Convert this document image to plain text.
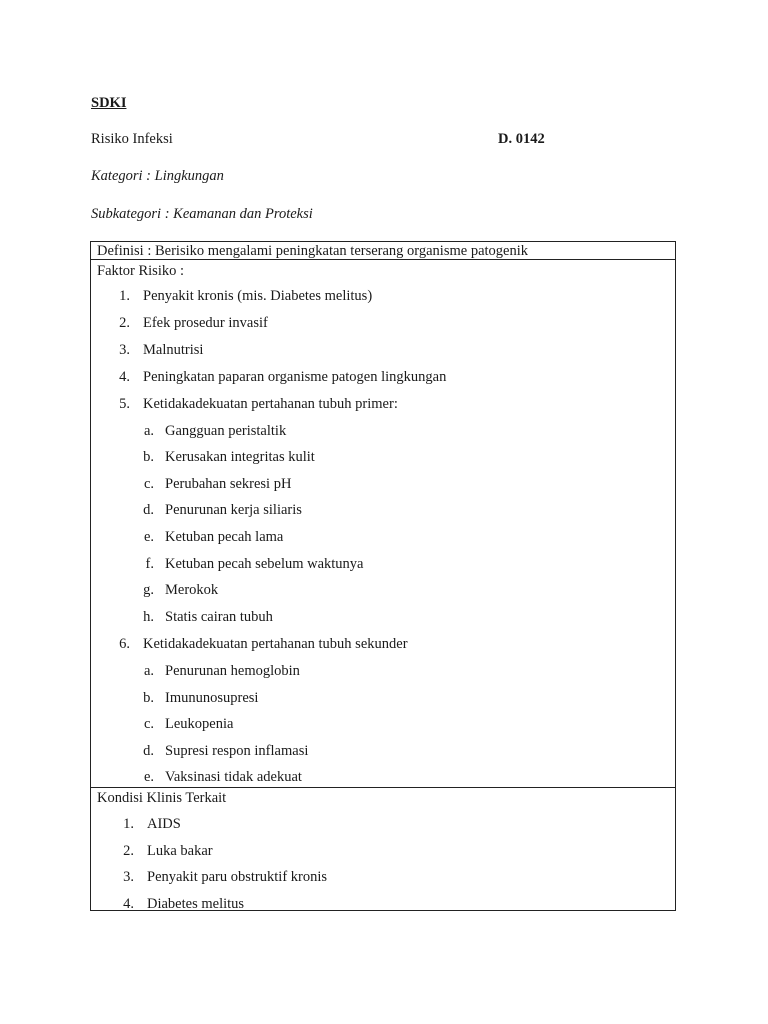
SDKI
Risiko Infeksi	D. 0142
Kategori : Lingkungan
Subkategori : Keamanan dan Proteksi
Definisi : Berisiko mengalami peningkatan terserang organisme patogenik
Faktor Risiko :
1. Penyakit kronis (mis. Diabetes melitus)
2. Efek prosedur invasif
3. Malnutrisi
4. Peningkatan paparan organisme patogen lingkungan
5. Ketidakadekuatan pertahanan tubuh primer:
a. Gangguan peristaltik
b. Kerusakan integritas kulit
c. Perubahan sekresi pH
d. Penurunan kerja siliaris
e. Ketuban pecah lama
f. Ketuban pecah sebelum waktunya
g. Merokok
h. Statis cairan tubuh
6. Ketidakadekuatan pertahanan tubuh sekunder
a. Penurunan hemoglobin
b. Imununosupresi
c. Leukopenia
d. Supresi respon inflamasi
e. Vaksinasi tidak adekuat
Kondisi Klinis Terkait
1. AIDS
2. Luka bakar
3. Penyakit paru obstruktif kronis
4. Diabetes melitus
